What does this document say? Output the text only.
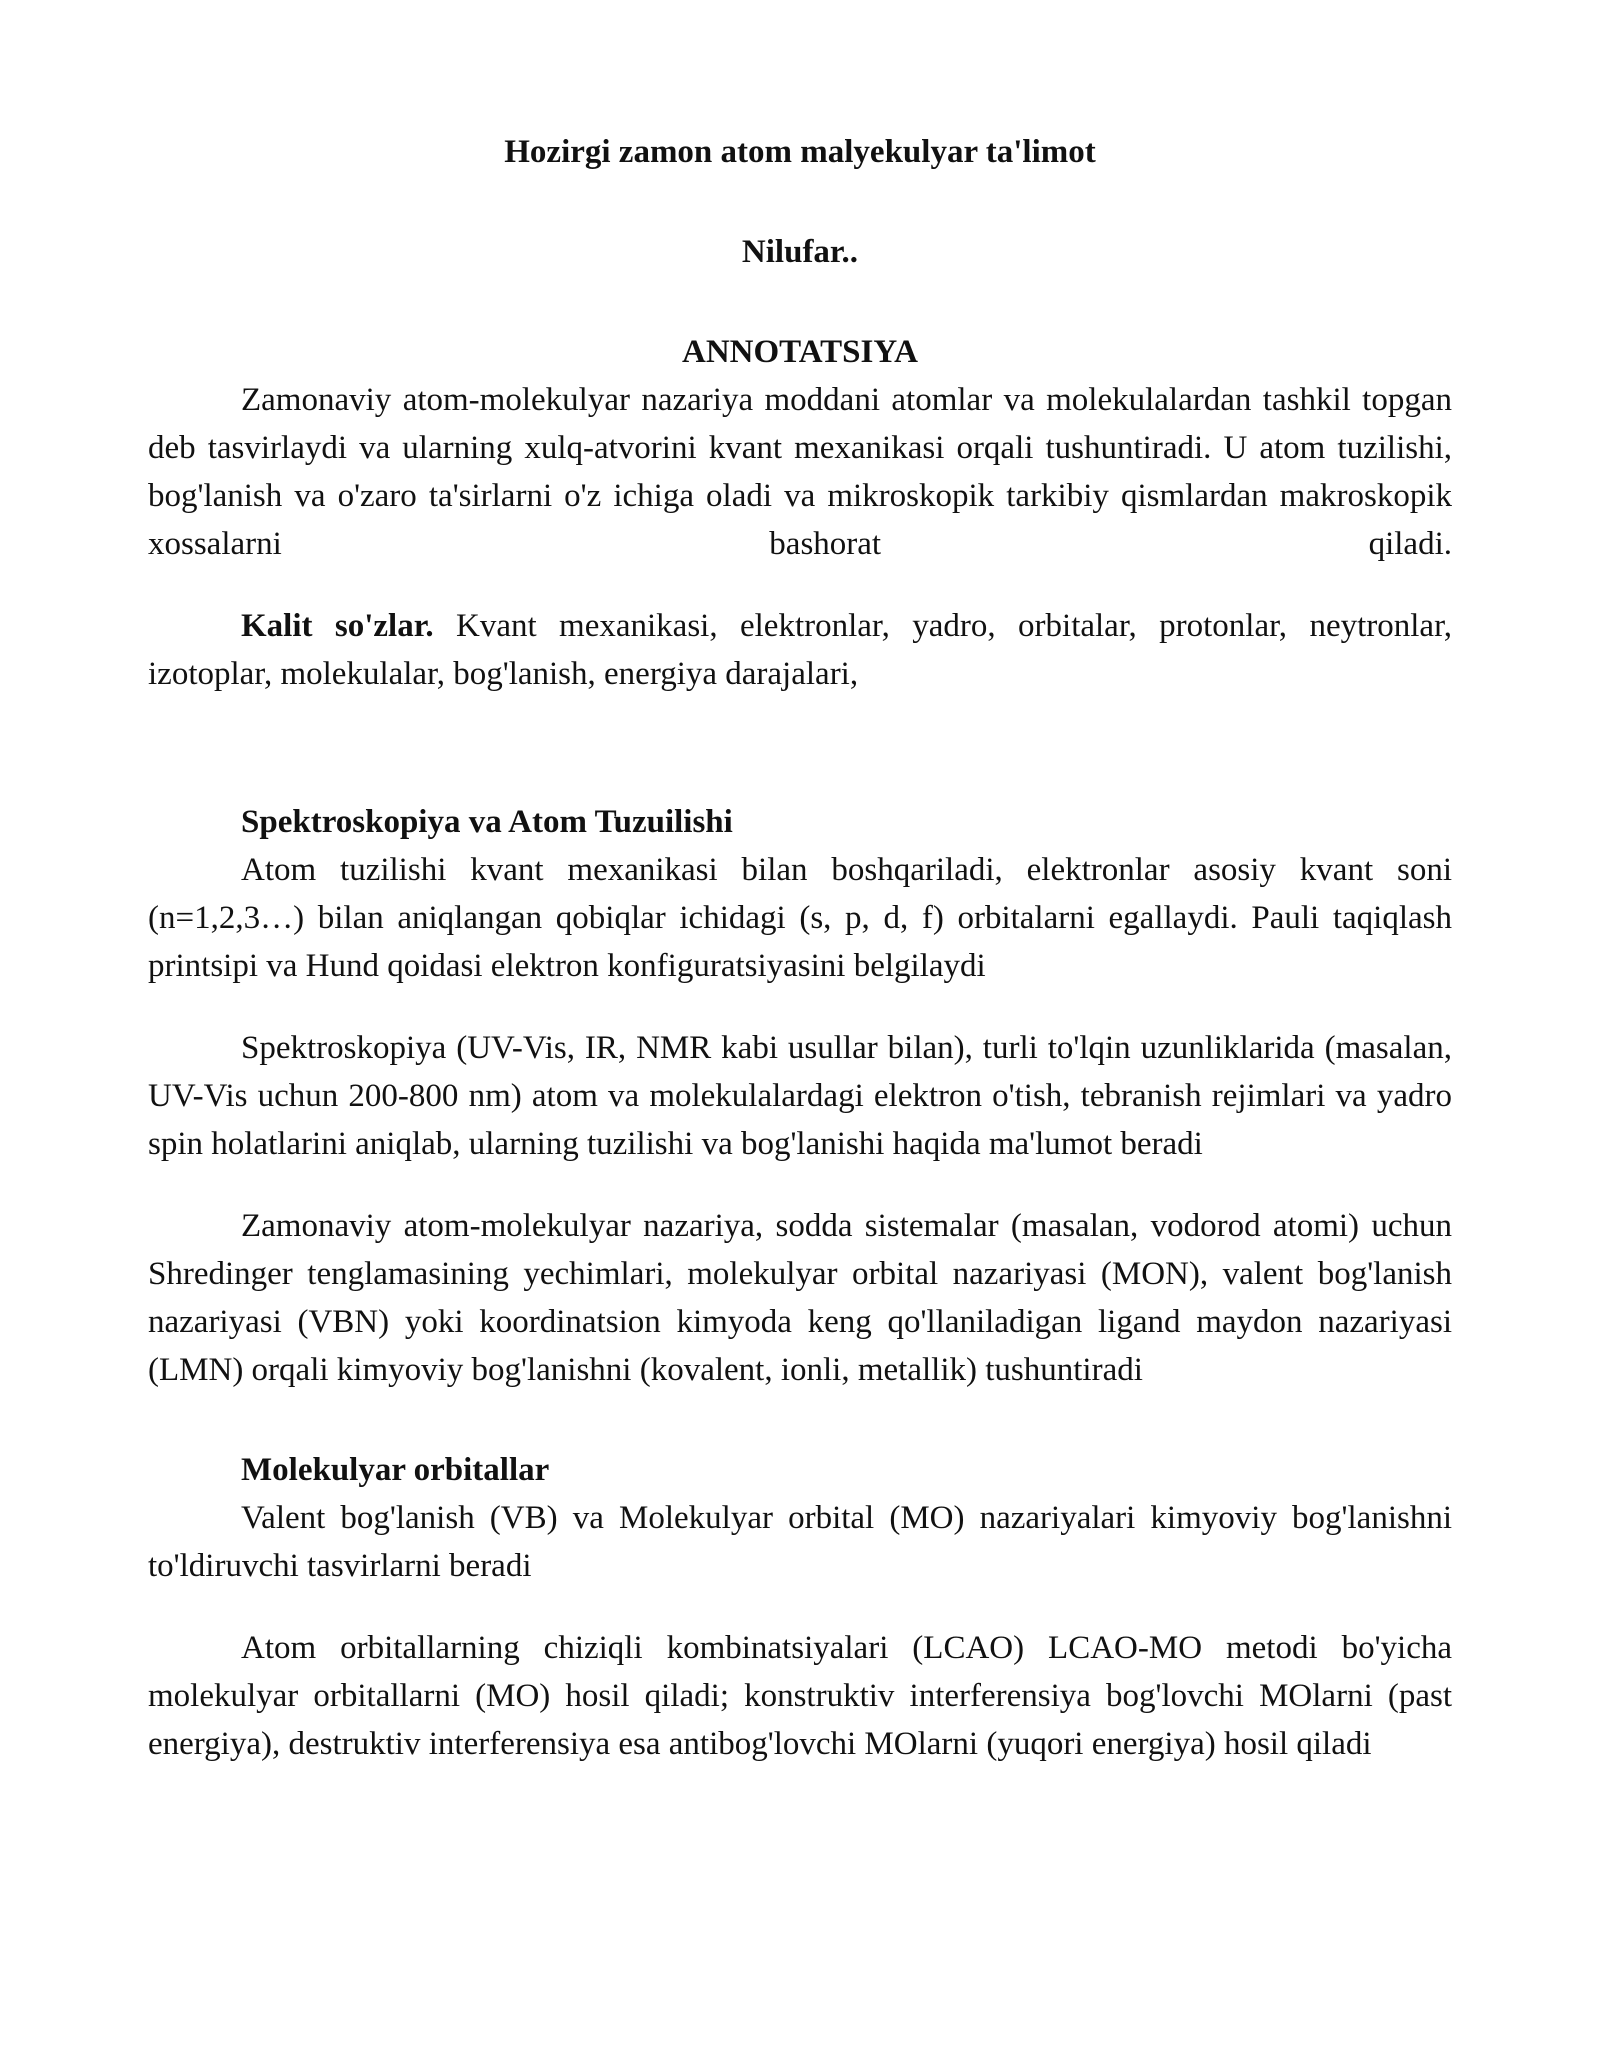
Hozirgi zamon atom malyekulyar ta'limot

Nilufar..

ANNOTATSIYA

Zamonaviy atom-molekulyar nazariya moddani atomlar va molekulalardan tashkil topgan deb tasvirlaydi va ularning xulq-atvorini kvant mexanikasi orqali tushuntiradi. U atom tuzilishi, bog'lanish va o'zaro ta'sirlarni o'z ichiga oladi va mikroskopik tarkibiy qismlardan makroskopik xossalarni bashorat qiladi.

Kalit so'zlar. Kvant mexanikasi, elektronlar, yadro, orbitalar, protonlar, neytronlar, izotoplar, molekulalar, bog'lanish, energiya darajalari,

Spektroskopiya va Atom Tuzuilishi

Atom tuzilishi kvant mexanikasi bilan boshqariladi, elektronlar asosiy kvant soni (n=1,2,3…) bilan aniqlangan qobiqlar ichidagi (s, p, d, f) orbitalarni egallaydi. Pauli taqiqlash printsipi va Hund qoidasi elektron konfiguratsiyasini belgilaydi

Spektroskopiya (UV-Vis, IR, NMR kabi usullar bilan), turli to'lqin uzunliklarida (masalan, UV-Vis uchun 200-800 nm) atom va molekulalardagi elektron o'tish, tebranish rejimlari va yadro spin holatlarini aniqlab, ularning tuzilishi va bog'lanishi haqida ma'lumot beradi

Zamonaviy atom-molekulyar nazariya, sodda sistemalar (masalan, vodorod atomi) uchun Shredinger tenglamasining yechimlari, molekulyar orbital nazariyasi (MON), valent bog'lanish nazariyasi (VBN) yoki koordinatsion kimyoda keng qo'llaniladigan ligand maydon nazariyasi (LMN) orqali kimyoviy bog'lanishni (kovalent, ionli, metallik) tushuntiradi

Molekulyar orbitallar

Valent bog'lanish (VB) va Molekulyar orbital (MO) nazariyalari kimyoviy bog'lanishni to'ldiruvchi tasvirlarni beradi

Atom orbitallarning chiziqli kombinatsiyalari (LCAO) LCAO-MO metodi bo'yicha molekulyar orbitallarni (MO) hosil qiladi; konstruktiv interferensiya bog'lovchi MOlarni (past energiya), destruktiv interferensiya esa antibog'lovchi MOlarni (yuqori energiya) hosil qiladi
